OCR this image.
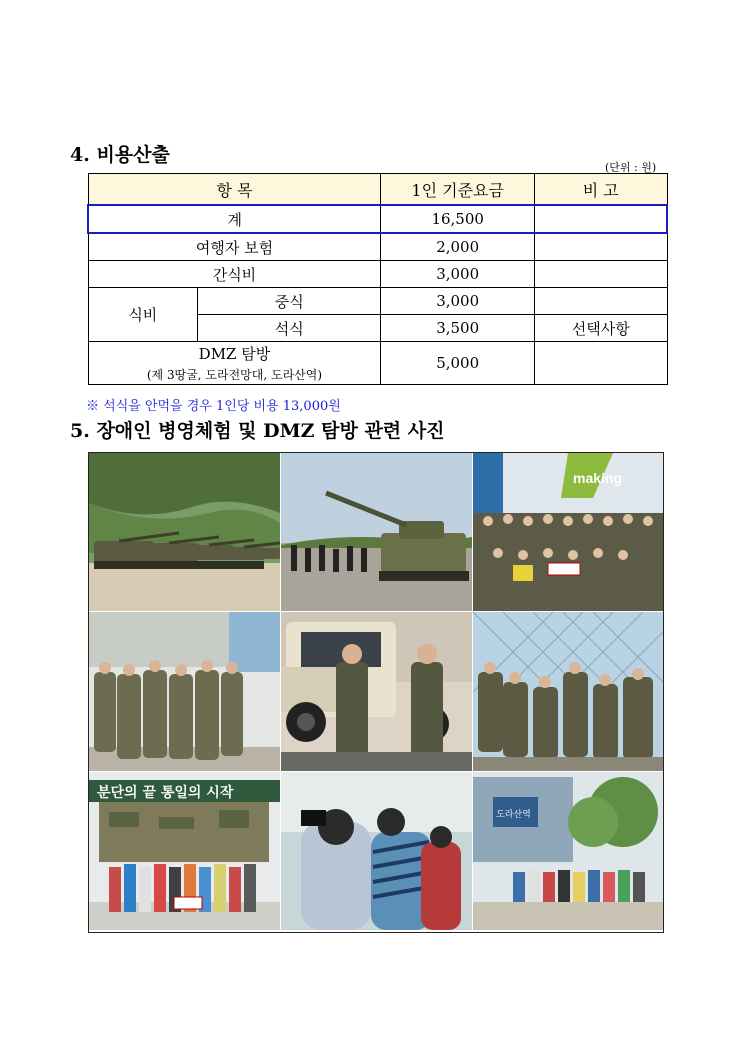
4. 비용산출
(단위 : 원)
항 목		1인 기준요금	비 고
계		16,500	
여행자 보험		2,000	
간식비		3,000	
식비	중식	3,000	
	석식	3,500	선택사항

DMZ 탐방
(제 3땅굴, 도라전망대, 도라산역)		5,000	
※ 석식을 안먹을 경우 1인당 비용 13,000원
5. 장애인 병영체험 및 DMZ 탐방 관련 사진
making
분단의 끝 통일의 시작
도라산역
